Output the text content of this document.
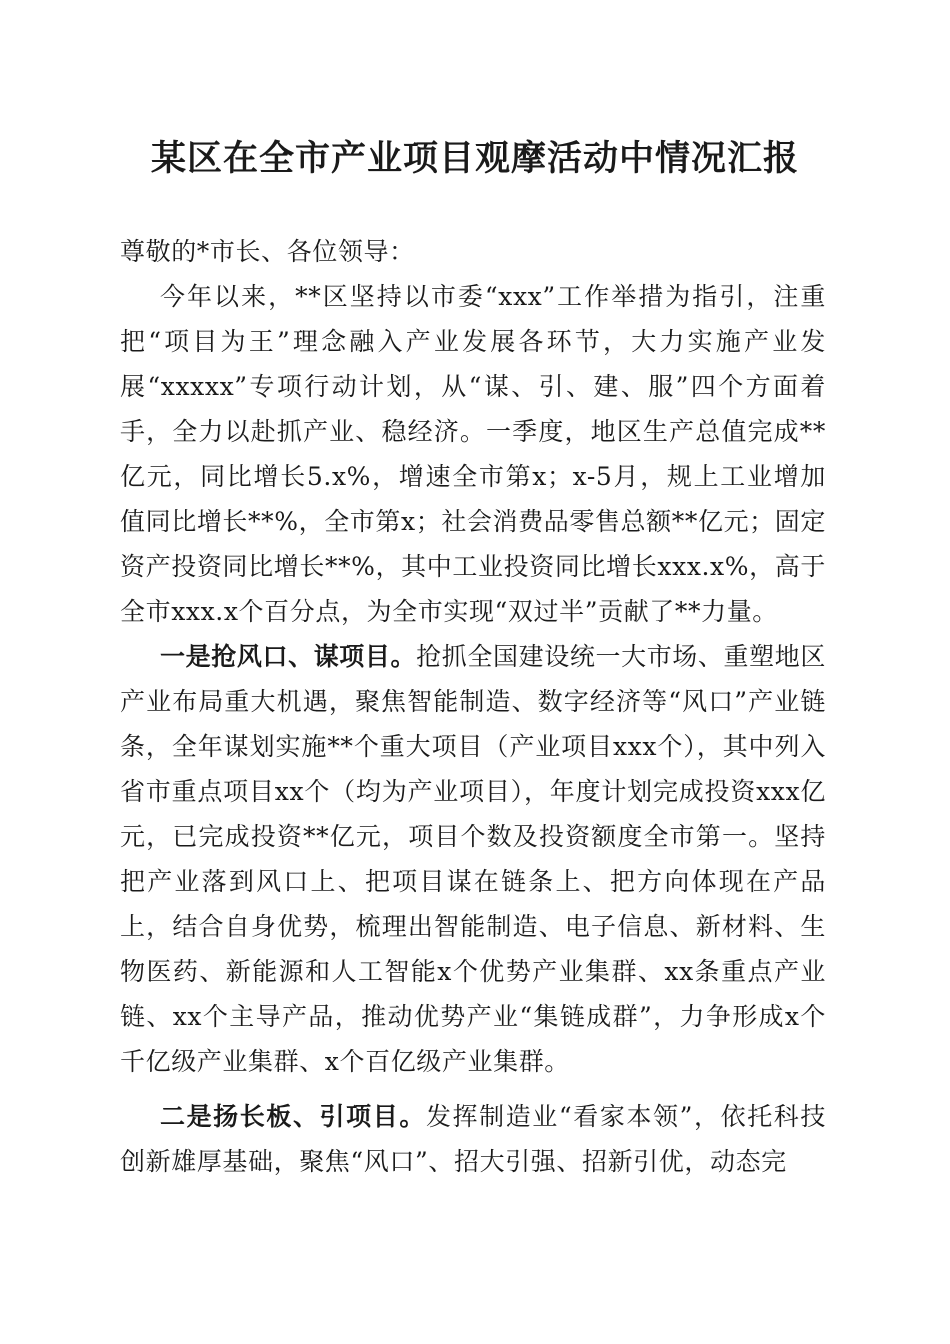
某区在全市产业项目观摩活动中情况汇报

尊敬的*市长、各位领导：

今年以来，**区坚持以市委“xxx”工作举措为指引，注重把“项目为王”理念融入产业发展各环节，大力实施产业发展“xxxxx”专项行动计划，从“谋、引、建、服”四个方面着手，全力以赴抓产业、稳经济。一季度，地区生产总值完成**亿元，同比增长5.x%，增速全市第x；x-5月，规上工业增加值同比增长**%，全市第x；社会消费品零售总额**亿元；固定资产投资同比增长**%，其中工业投资同比增长xxx.x%，高于全市xxx.x个百分点，为全市实现“双过半”贡献了**力量。

一是抢风口、谋项目。抢抓全国建设统一大市场、重塑地区产业布局重大机遇，聚焦智能制造、数字经济等“风口”产业链条，全年谋划实施**个重大项目（产业项目xxx个），其中列入省市重点项目xx个（均为产业项目），年度计划完成投资xxx亿元，已完成投资**亿元，项目个数及投资额度全市第一。坚持把产业落到风口上、把项目谋在链条上、把方向体现在产品上，结合自身优势，梳理出智能制造、电子信息、新材料、生物医药、新能源和人工智能x个优势产业集群、xx条重点产业链、xx个主导产品，推动优势产业“集链成群”，力争形成x个千亿级产业集群、x个百亿级产业集群。

二是扬长板、引项目。发挥制造业“看家本领”，依托科技创新雄厚基础，聚焦“风口”、招大引强、招新引优，动态完
